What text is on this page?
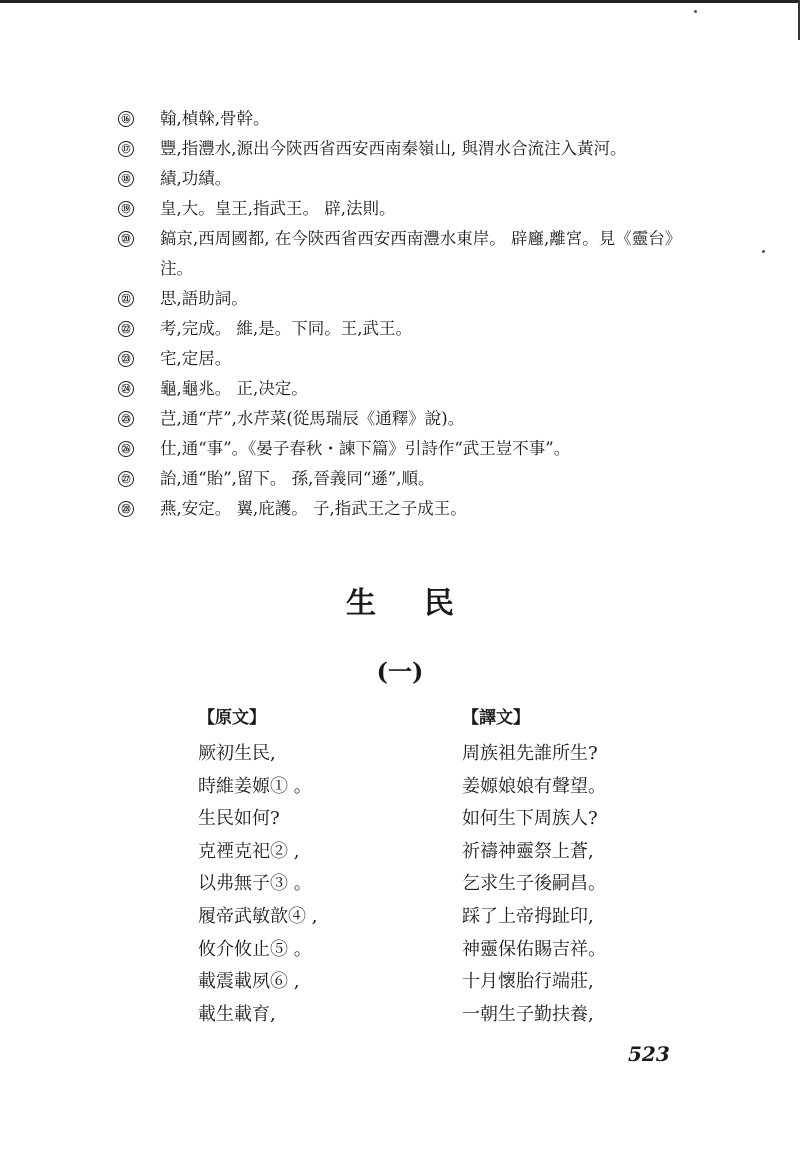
⑯ 翰,楨榦,骨幹。
⑰ 豐,指灃水,源出今陝西省西安西南秦嶺山, 與渭水合流注入黃河。
⑱ 績,功績。
⑲ 皇,大。皇王,指武王。 辟,法則。
⑳ 鎬京,西周國都, 在今陝西省西安西南灃水東岸。 辟廱,離宮。見《靈台》注。
㉑ 思,語助詞。
㉒ 考,完成。 維,是。下同。王,武王。
㉓ 宅,定居。
㉔ 龜,龜兆。 正,决定。
㉕ 芑,通“芹”,水芹菜(從馬瑞辰《通釋》說)。
㉖ 仕,通“事”。《晏子春秋・諫下篇》引詩作“武王豈不事”。
㉗ 詒,通“貽”,留下。 孫,晉義同“遜”,順。
㉘ 燕,安定。 翼,庇護。 子,指武王之子成王。
生民
(一)
【原文】
厥初生民,
時維姜嫄① 。
生民如何?
克禋克祀② ,
以弗無子③ 。
履帝武敏歆④ ,
攸介攸止⑤ 。
載震載夙⑥ ,
載生載育,
【譯文】
周族祖先誰所生?
姜嫄娘娘有聲望。
如何生下周族人?
祈禱神靈祭上蒼,
乞求生子後嗣昌。
踩了上帝拇趾印,
神靈保佑賜吉祥。
十月懷胎行端莊,
一朝生子勤扶養,
523
